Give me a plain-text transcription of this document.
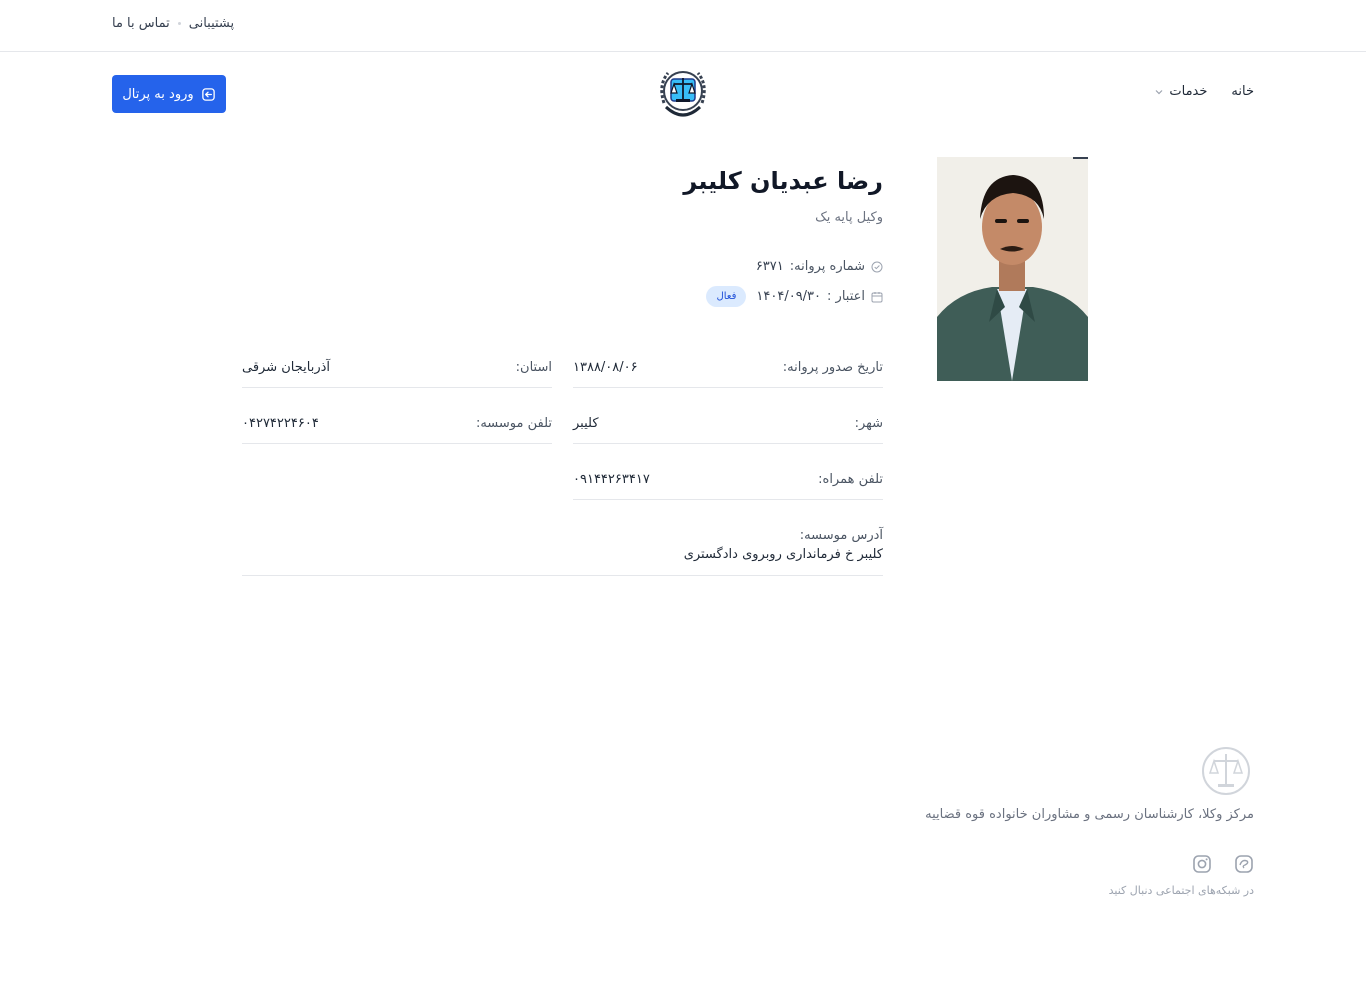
پشتیبانی
تماس با ما
ورود به پرتال	خانه
خدمات
رضا عبدیان کلیبر
وکیل پایه یک
شماره پروانه:
۶۳۷۱
اعتبار :
۱۴۰۴/۰۹/۳۰
فعال
تاریخ صدور پروانه:
۱۳۸۸/۰۸/۰۶
استان:
آذربایجان شرقی
شهر:
کلیبر
تلفن موسسه:
۰۴۲۷۴۲۲۴۶۰۴
تلفن همراه:
۰۹۱۴۴۲۶۳۴۱۷
آدرس موسسه:
کلیبر خ فرمانداری روبروی دادگستری
مرکز وکلا، کارشناسان رسمی و مشاوران خانواده قوه قضاییه
در شبکه‌های اجتماعی دنبال کنید
